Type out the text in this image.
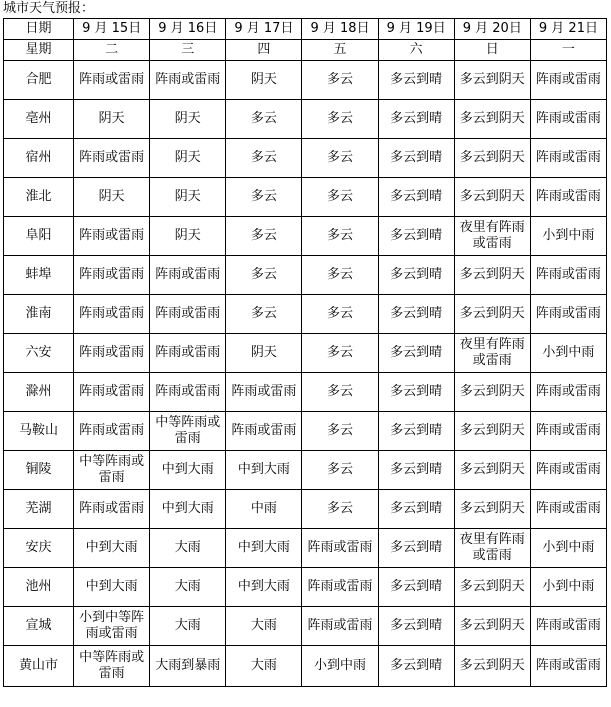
城市天气预报：
日期	9 月 15日	9 月 16日	9 月 17日	9 月 18日	9 月 19日	9 月 20日	9 月 21日
星期	二	三	四	五	六	日	一
合肥	阵雨或雷雨	阵雨或雷雨	阴天	多云	多云到晴	多云到阴天	阵雨或雷雨
亳州	阴天	阴天	多云	多云	多云到晴	多云到阴天	阵雨或雷雨
宿州	阵雨或雷雨	阴天	多云	多云	多云到晴	多云到阴天	阵雨或雷雨
淮北	阴天	阴天	多云	多云	多云到晴	多云到阴天	阵雨或雷雨
阜阳	阵雨或雷雨	阴天	多云	多云	多云到晴	夜里有阵雨或雷雨	小到中雨
蚌埠	阵雨或雷雨	阵雨或雷雨	多云	多云	多云到晴	多云到阴天	阵雨或雷雨
淮南	阵雨或雷雨	阵雨或雷雨	多云	多云	多云到晴	多云到阴天	阵雨或雷雨
六安	阵雨或雷雨	阵雨或雷雨	阴天	多云	多云到晴	夜里有阵雨或雷雨	小到中雨
滁州	阵雨或雷雨	阵雨或雷雨	阵雨或雷雨	多云	多云到晴	多云到阴天	阵雨或雷雨
马鞍山	阵雨或雷雨	中等阵雨或雷雨	阵雨或雷雨	多云	多云到晴	多云到阴天	阵雨或雷雨
铜陵	中等阵雨或雷雨	中到大雨	中到大雨	多云	多云到晴	多云到阴天	阵雨或雷雨
芜湖	阵雨或雷雨	中到大雨	中雨	多云	多云到晴	多云到阴天	阵雨或雷雨
安庆	中到大雨	大雨	中到大雨	阵雨或雷雨	多云到晴	夜里有阵雨或雷雨	小到中雨
池州	中到大雨	大雨	中到大雨	阵雨或雷雨	多云到晴	多云到阴天	小到中雨
宣城	小到中等阵雨或雷雨	大雨	大雨	阵雨或雷雨	多云到晴	多云到阴天	阵雨或雷雨
黄山市	中等阵雨或雷雨	大雨到暴雨	大雨	小到中雨	多云到晴	多云到阴天	阵雨或雷雨
